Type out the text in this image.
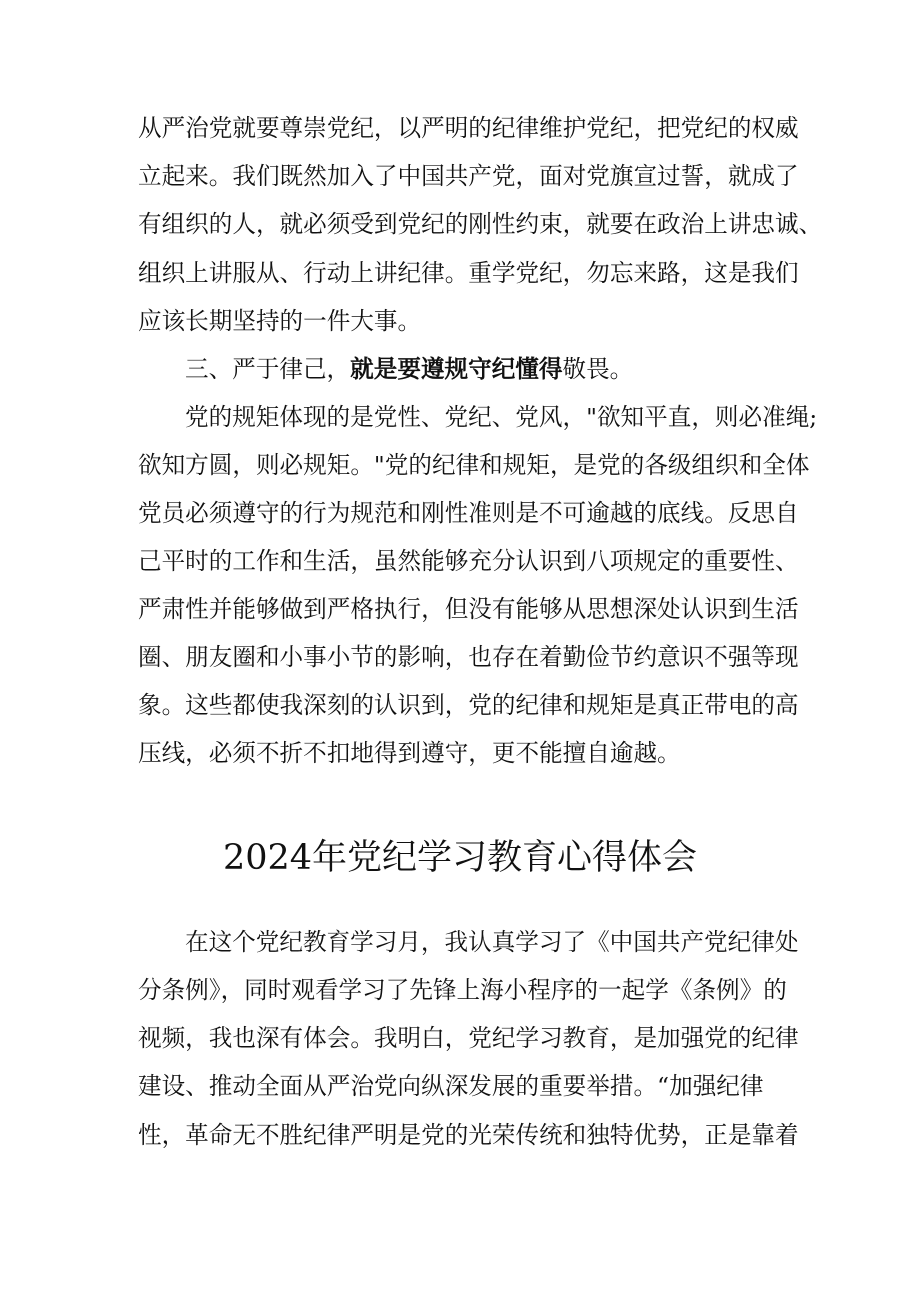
从严治党就要尊崇党纪，以严明的纪律维护党纪，把党纪的权威
立起来。我们既然加入了中国共产党，面对党旗宣过誓，就成了
有组织的人，就必须受到党纪的刚性约束，就要在政治上讲忠诚、
组织上讲服从、行动上讲纪律。重学党纪，勿忘来路，这是我们
应该长期坚持的一件大事。
三、严于律己，就是要遵规守纪懂得敬畏。
党的规矩体现的是党性、党纪、党风，"欲知平直，则必准绳;
欲知方圆，则必规矩。"党的纪律和规矩，是党的各级组织和全体
党员必须遵守的行为规范和刚性准则是不可逾越的底线。反思自
己平时的工作和生活，虽然能够充分认识到八项规定的重要性、
严肃性并能够做到严格执行，但没有能够从思想深处认识到生活
圈、朋友圈和小事小节的影响，也存在着勤俭节约意识不强等现
象。这些都使我深刻的认识到，党的纪律和规矩是真正带电的高
压线，必须不折不扣地得到遵守，更不能擅自逾越。
2024年党纪学习教育心得体会
在这个党纪教育学习月，我认真学习了《中国共产党纪律处
分条例》，同时观看学习了先锋上海小程序的一起学《条例》的
视频，我也深有体会。我明白，党纪学习教育，是加强党的纪律
建设、推动全面从严治党向纵深发展的重要举措。“加强纪律
性，革命无不胜纪律严明是党的光荣传统和独特优势，正是靠着
